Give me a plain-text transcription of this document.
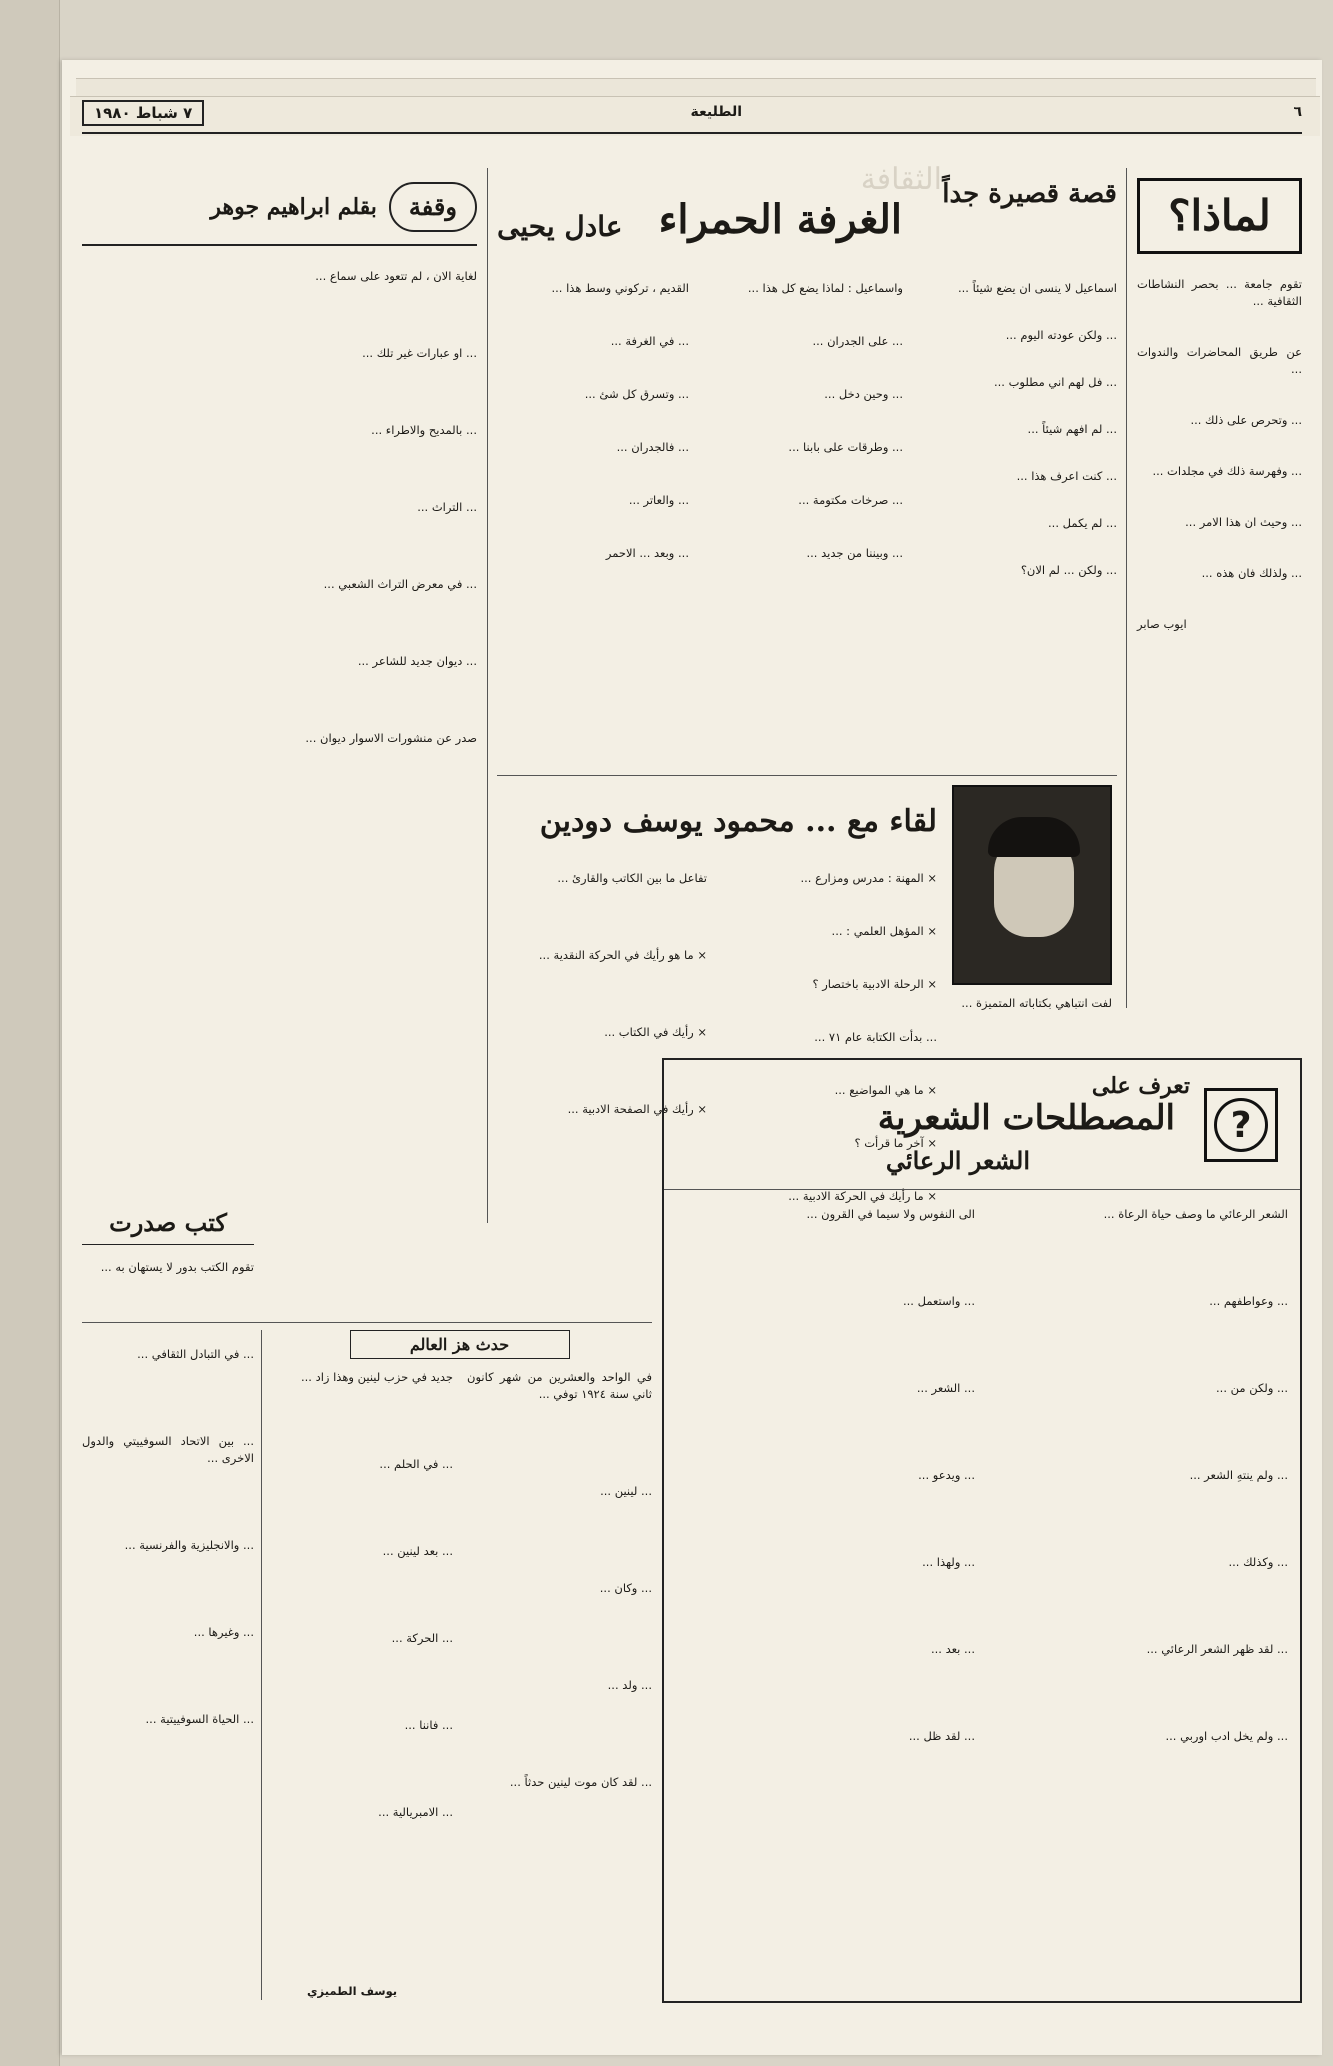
الثقافة
٦
الطليعة
٧ شباط ١٩٨٠
لماذا؟

تقوم جامعة ... بحصر النشاطات الثقافية ...

عن طريق المحاضرات والندوات ...

... وتحرص على ذلك ...

... وفهرسة ذلك في مجلدات ...

... وحيث ان هذا الامر ...

... ولذلك فان هذه ...

ايوب صابر

قصة قصيرة جداً
الغرفة الحمراء
عادل يحيى

اسماعيل لا ينسى ان يضع شيئاً ...

... ولكن عودته اليوم ...

... فل لهم اني مطلوب ...

... لم افهم شيئاً ...

... كنت اعرف هذا ...

... لم يكمل ...

... ولكن ... لم الان؟

واسماعيل : لماذا يضع كل هذا ...

... على الجدران ...

... وحين دخل ...

... وطرقات على بابنا ...

... صرخات مكتومة ...

... وبيننا من جديد ...

القديم ، تركوني وسط هذا ...

... في الغرفة ...

... وتسرق كل شئ ...

... فالجدران ...

... والعاتر ...

... وبعد ... الاحمر

وقفة
بقلم ابراهيم جوهر

لغاية الان ، لم تتعود على سماع ...

... او عبارات غير تلك ...

... بالمديح والاطراء ...

... التراث ...

... في معرض التراث الشعبي ...

... ديوان جديد للشاعر ...

صدر عن منشورات الاسوار ديوان ...

لفت انتباهي بكتاباته المتميزة ...

لقاء مع ... محمود يوسف دودين

× المهنة : مدرس ومزارع ...

× المؤهل العلمي : ...

× الرحلة الادبية باختصار ؟

... بدأت الكتابة عام ٧١ ...

× ما هي المواضيع ...

× آخر ما قرأت ؟

× ما رأيك في الحركة الادبية ...

تفاعل ما بين الكاتب والقارئ ...

× ما هو رأيك في الحركة النقدية ...

× رأيك في الكتاب ...

× رأيك في الصفحة الادبية ...	?
تعرف على
المصطلحات الشعرية
الشعر الرعائي

الشعر الرعائي ما وصف حياة الرعاة ...

... وعواطفهم ...

... ولكن من ...

... ولم ينتهِ الشعر ...

... وكذلك ...

... لقد ظهر الشعر الرعائي ...

... ولم يخل ادب اوربي ...

الى النفوس ولا سيما في القرون ...

... واستعمل ...

... الشعر ...

... ويدعو ...

... ولهذا ...

... بعد ...

... لقد ظل ...

حدث هز العالم

في الواحد والعشرين من شهر كانون ثاني سنة ١٩٢٤ توفي ...

... لينين ...

... وكان ...

... ولد ...

... لقد كان موت لينين حدثاً ...

جديد في حزب لينين وهذا زاد ...

... في الحلم ...

... بعد لينين ...

... الحركة ...

... فاننا ...

... الامبريالية ...

يوسف الطميزي

كتب صدرت

تقوم الكتب بدور لا يستهان به ...

... في التبادل الثقافي ...

... بين الاتحاد السوفييتي والدول الاخرى ...

... والانجليزية والفرنسية ...

... وغيرها ...

... الحياة السوفييتية ...
